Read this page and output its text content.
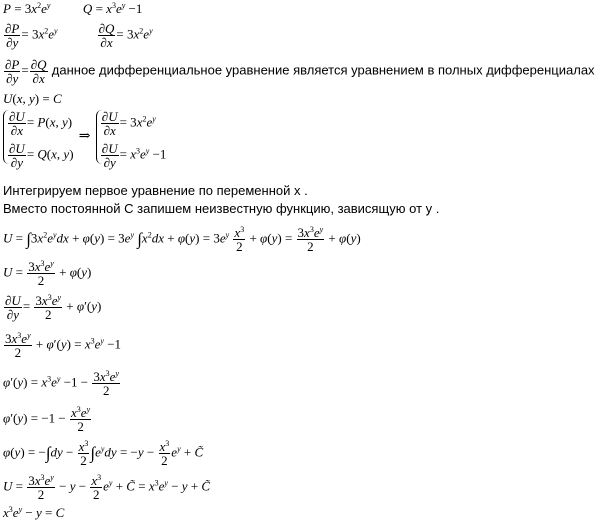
$P = 3x^2e^y$	$Q = x^3e^y -1$
$\frac{\partial P}{\partial y} = 3x^2e^y$	$\frac{\partial Q}{\partial x} = 3x^2e^y$
$\frac{\partial P}{\partial y} = \frac{\partial Q}{\partial x}$ данное дифференциальное уравнение является уравнением в полных дифференциалах
U(x, y) = C
$\frac{\partial U}{\partial x} = P(x$, y)
$\frac{\partial U}{\partial y} = Q(x$, y)
⇒ $\frac{\partial U}{\partial x} = 3x^2e^y$
$\frac{\partial U}{\partial y} = x^3e^y -1$
Интегрируем первое уравнение по переменной x .
Вместо постоянной C запишем неизвестную функцию, зависящую от y .
$U = \int 3x^2e^ydx + \varphi(y) = 3e^y$ $\int x^2dx + \varphi(y) = 3e^y \frac{x^3}{2} + \varphi(y) = \frac{3x^3e^y}{2} + \varphi(y)$
$U = \frac{3x^3e^y}{2} + \varphi(y)$
$\frac{\partial U}{\partial y} = \frac{3x^3e^y}{2} + \varphi'(y)$
$\frac{3x^3e^y}{2} + \varphi'(y) = x^3e^y -1$
$\varphi'(y) = x^3e^y -1 - \frac{3x^3e^y}{2}$
$\varphi'(y) = -1 - \frac{x^3e^y}{2}$
$\varphi(y) = -\int dy - \frac{x^3}{2} \int e^ydy = -y - \frac{x^3}{2} e^y$ + C̃
$U = \frac{3x^3e^y}{2} - y - \frac{x^3}{2} e^y$ + C̃ = $x^3e^y - y$ + C̃
$x^3e^y - y = C$
